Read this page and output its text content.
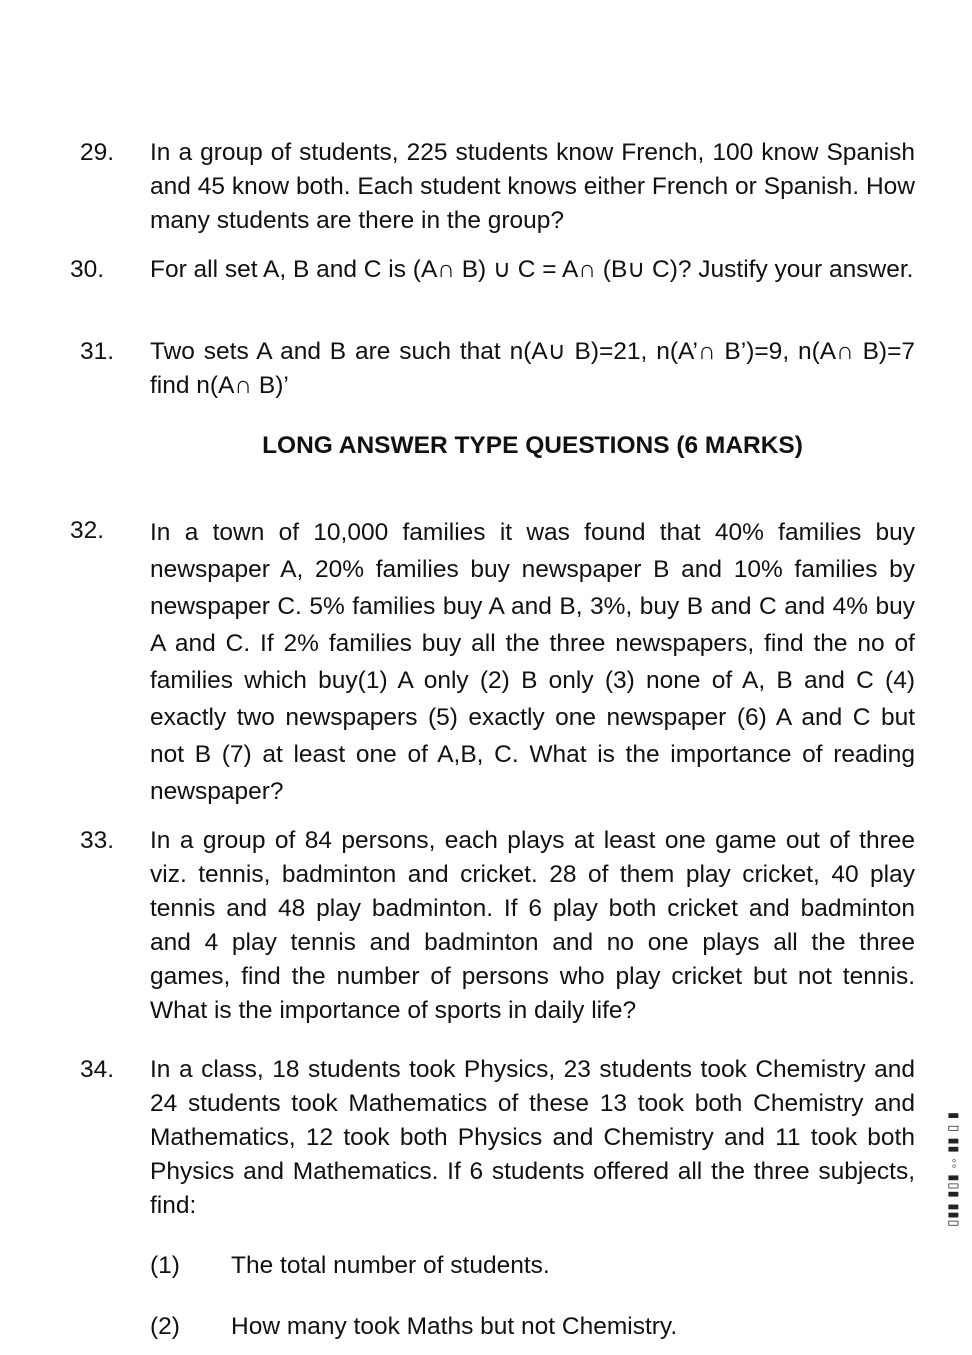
29. In a group of students, 225 students know French, 100 know Spanish and 45 know both. Each student knows either French or Spanish. How many students are there in the group?

30. For all set A, B and C is (A∩ B) ∪ C = A∩ (B∪ C)? Justify your answer.

31. Two sets A and B are such that n(A∪ B)=21, n(A’∩ B’)=9, n(A∩ B)=7 find n(A∩ B)’

LONG ANSWER TYPE QUESTIONS (6 MARKS)

32. In a town of 10,000 families it was found that 40% families buy newspaper A, 20% families buy newspaper B and 10% families by newspaper C. 5% families buy A and B, 3%, buy B and C and 4% buy A and C. If 2% families buy all the three newspapers, find the no of families which buy(1) A only (2) B only (3) none of A, B and C (4) exactly two newspapers (5) exactly one newspaper (6) A and C but not B (7) at least one of A,B, C. What is the importance of reading newspaper?

33. In a group of 84 persons, each plays at least one game out of three viz. tennis, badminton and cricket. 28 of them play cricket, 40 play tennis and 48 play badminton. If 6 play both cricket and badminton and 4 play tennis and badminton and no one plays all the three games, find the number of persons who play cricket but not tennis. What is the importance of sports in daily life?

34. In a class, 18 students took Physics, 23 students took Chemistry and 24 students took Mathematics of these 13 took both Chemistry and Mathematics, 12 took both Physics and Chemistry and 11 took both Physics and Mathematics. If 6 students offered all the three subjects, find:

(1) The total number of students.
(2) How many took Maths but not Chemistry.
▮ ▯ ▮▮ ◦◦ ▮▯▮ ▮▮▯
